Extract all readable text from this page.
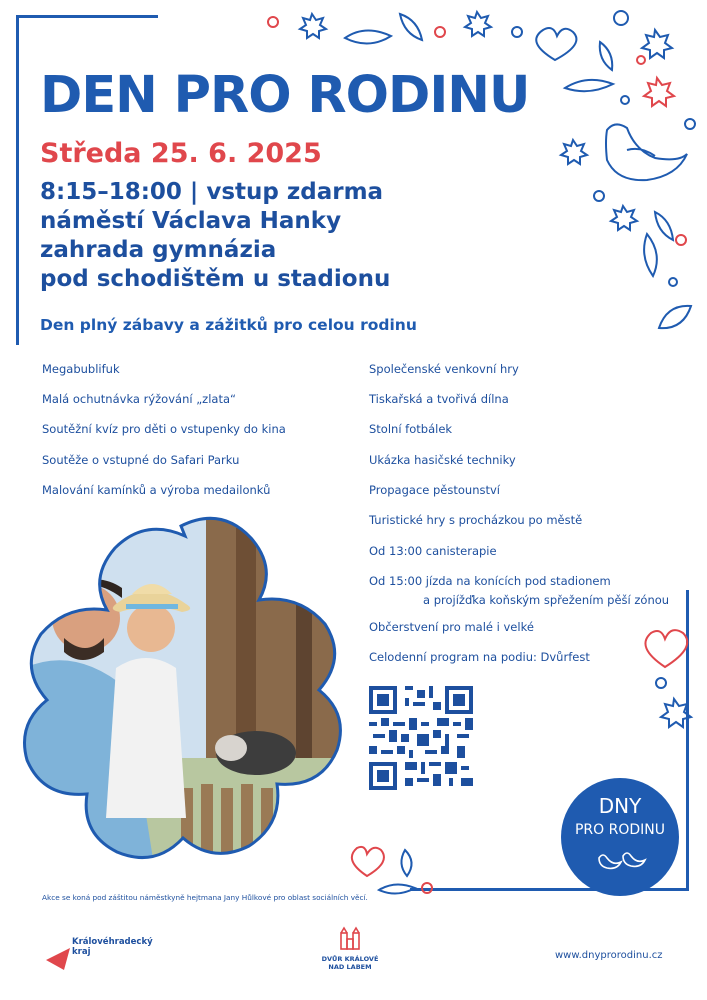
DEN PRO RODINU
Středa 25. 6. 2025
8:15–18:00 | vstup zdarma
náměstí Václava Hanky
zahrada gymnázia
pod schodištěm u stadionu
Den plný zábavy a zážitků pro celou rodinu
Megabublifuk
Malá ochutnávka rýžování „zlata“
Soutěžní kvíz pro děti o vstupenky do kina
Soutěže o vstupné do Safari Parku
Malování kamínků a výroba medailonků
Společenské venkovní hry
Tiskařská a tvořivá dílna
Stolní fotbálek
Ukázka hasičské techniky
Propagace pěstounství
Turistické hry s procházkou po městě
Od 13:00 canisterapie
Od 15:00 jízda na konících pod stadionem
a projížďka koňským spřežením pěší zónou
Občerstvení pro malé i velké
Celodenní program na podiu: Dvůrfest
DNY
PRO RODINU
Akce se koná pod záštitou náměstkyně hejtmana Jany Hůlkové pro oblast sociálních věcí.
Královéhradecký
kraj
DVŮR KRÁLOVÉ
NAD LABEM
www.dnyprorodinu.cz
